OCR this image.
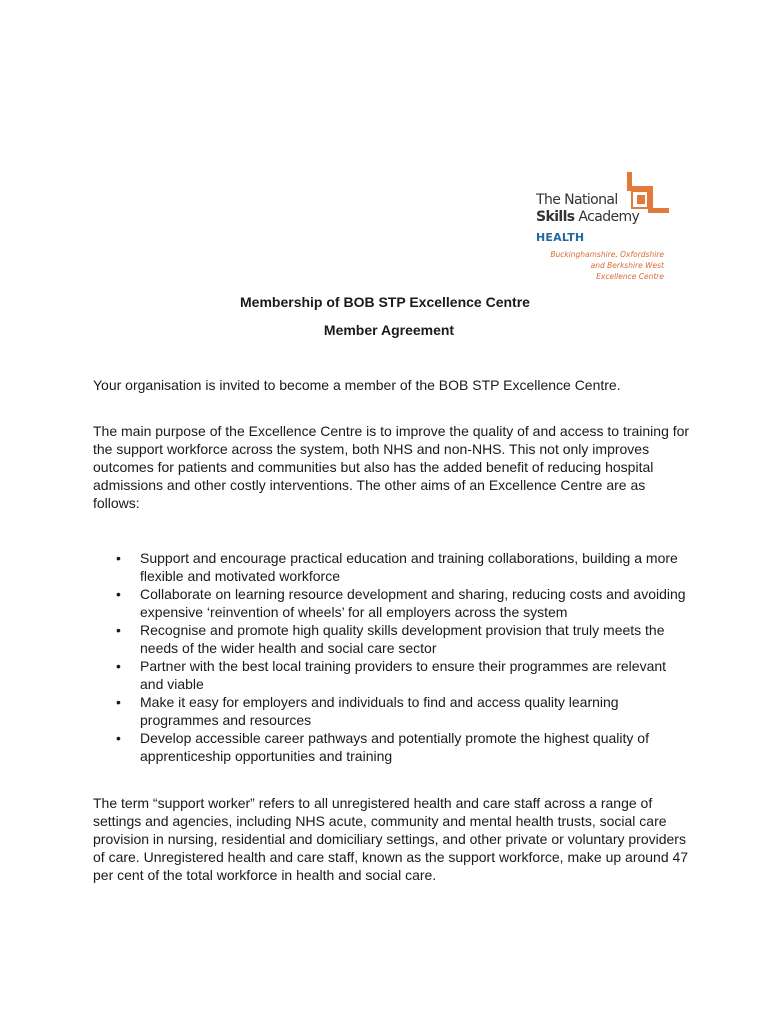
The National
Skills Academy
HEALTH
Buckinghamshire, Oxfordshire
and Berkshire West
Excellence Centre
Membership of BOB STP Excellence Centre
Member Agreement
Your organisation is invited to become a member of the BOB STP Excellence Centre.
The main purpose of the Excellence Centre is to improve the quality of and access to training for the support workforce across the system, both NHS and non-NHS. This not only improves outcomes for patients and communities but also has the added benefit of reducing hospital admissions and other costly interventions. The other aims of an Excellence Centre are as follows:
• Support and encourage practical education and training collaborations, building a more flexible and motivated workforce
• Collaborate on learning resource development and sharing, reducing costs and avoiding expensive ‘reinvention of wheels’ for all employers across the system
• Recognise and promote high quality skills development provision that truly meets the needs of the wider health and social care sector
• Partner with the best local training providers to ensure their programmes are relevant and viable
• Make it easy for employers and individuals to find and access quality learning programmes and resources
• Develop accessible career pathways and potentially promote the highest quality of apprenticeship opportunities and training
The term “support worker” refers to all unregistered health and care staff across a range of settings and agencies, including NHS acute, community and mental health trusts, social care provision in nursing, residential and domiciliary settings, and other private or voluntary providers of care. Unregistered health and care staff, known as the support workforce, make up around 47 per cent of the total workforce in health and social care.
